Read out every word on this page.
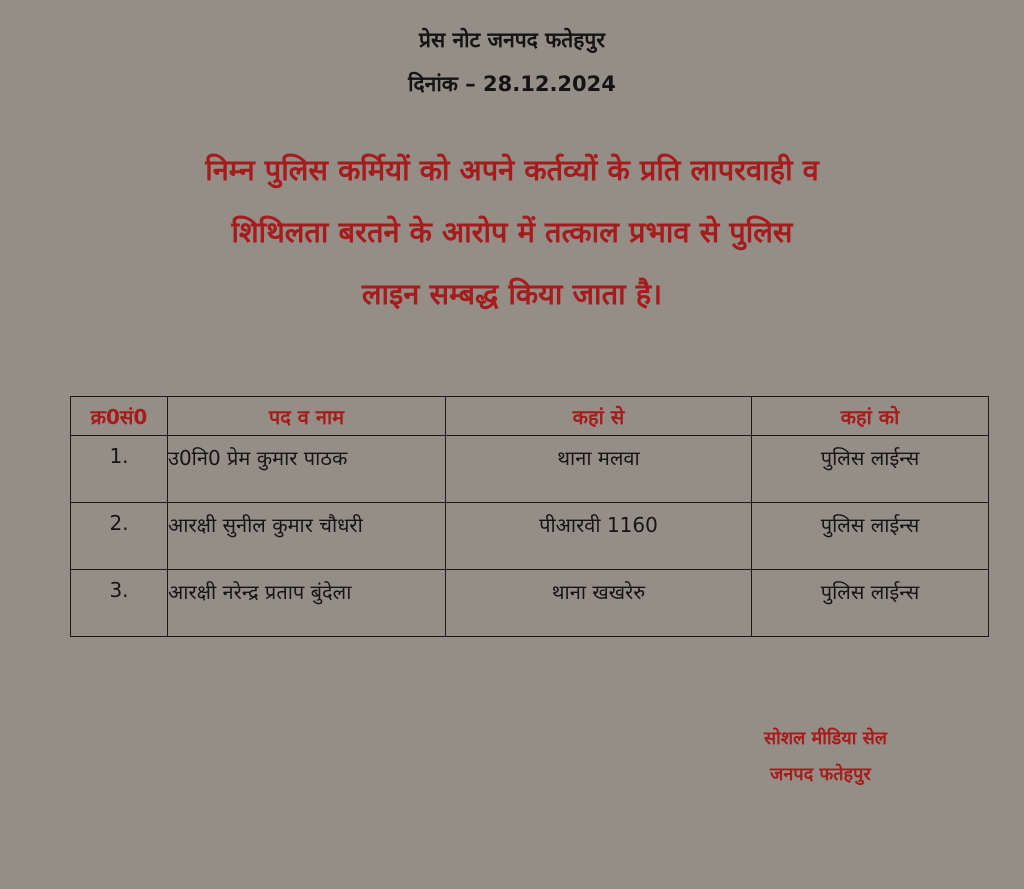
प्रेस नोट जनपद फतेहपुर
दिनांक – 28.12.2024
निम्न पुलिस कर्मियों को अपने कर्तव्यों के प्रति लापरवाही व
शिथिलता बरतने के आरोप में तत्काल प्रभाव से पुलिस
लाइन सम्बद्ध किया जाता है।
क्र0सं0	पद व नाम	कहां से	कहां को
1.	उ0नि0 प्रेम कुमार पाठक	थाना मलवा	पुलिस लाईन्स
2.	आरक्षी सुनील कुमार चौधरी	पीआरवी 1160	पुलिस लाईन्स
3.	आरक्षी नरेन्द्र प्रताप बुंदेला	थाना खखरेरु	पुलिस लाईन्स
सोशल मीडिया सेल
जनपद फतेहपुर
